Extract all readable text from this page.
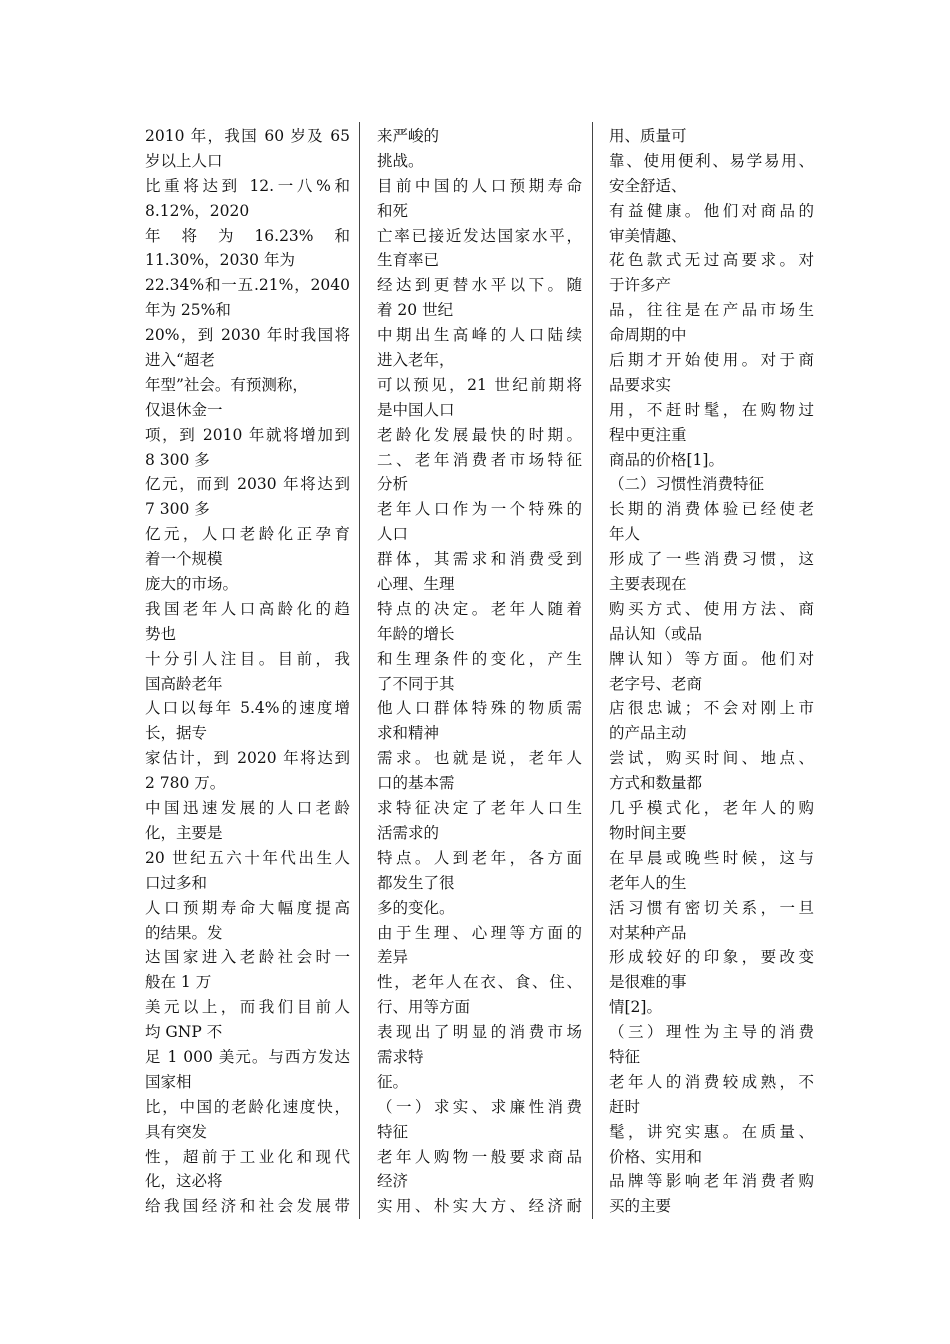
2010 年，我国 60 岁及 65

岁以上人口

比重将达到 12.一八%和

8.12%，2020

年　将　为　16.23%　和

11.30%，2030 年为

22.34%和一五.21%，2040

年为 25%和

20%，到 2030 年时我国将

进入“超老

年型”社会。有预测称，

仅退休金一

项，到 2010 年就将增加到

8 300 多

亿元，而到 2030 年将达到

7 300 多

亿元，人口老龄化正孕育

着一个规模

庞大的市场。

我国老年人口高龄化的趋

势也

十分引人注目。目前，我

国高龄老年

人口以每年 5.4%的速度增

长，据专

家估计，到 2020 年将达到

2 780 万。

中国迅速发展的人口老龄

化，主要是

20 世纪五六十年代出生人

口过多和

人口预期寿命大幅度提高

的结果。发

达国家进入老龄社会时一

般在 1 万

美元以上，而我们目前人

均 GNP 不

足 1 000 美元。与西方发达

国家相

比，中国的老龄化速度快，

具有突发

性，超前于工业化和现代

化，这必将

给我国经济和社会发展带

来严峻的

挑战。

目前中国的人口预期寿命

和死

亡率已接近发达国家水平，

生育率已

经达到更替水平以下。随

着 20 世纪

中期出生高峰的人口陆续

进入老年，

可以预见，21 世纪前期将

是中国人口

老龄化发展最快的时期。

二、老年消费者市场特征

分析

老年人口作为一个特殊的

人口

群体，其需求和消费受到

心理、生理

特点的决定。老年人随着

年龄的增长

和生理条件的变化，产生

了不同于其

他人口群体特殊的物质需

求和精神

需求。也就是说，老年人

口的基本需

求特征决定了老年人口生

活需求的

特点。人到老年，各方面

都发生了很

多的变化。

由于生理、心理等方面的

差异

性，老年人在衣、食、住、

行、用等方面

表现出了明显的消费市场

需求特

征。

（一）求实、求廉性消费

特征

老年人购物一般要求商品

经济

实用、朴实大方、经济耐

用、质量可

靠、使用便利、易学易用、

安全舒适、

有益健康。他们对商品的

审美情趣、

花色款式无过高要求。对

于许多产

品，往往是在产品市场生

命周期的中

后期才开始使用。对于商

品要求实

用，不赶时髦，在购物过

程中更注重

商品的价格[1]。

（二）习惯性消费特征

长期的消费体验已经使老

年人

形成了一些消费习惯，这

主要表现在

购买方式、使用方法、商

品认知（或品

牌认知）等方面。他们对

老字号、老商

店很忠诚；不会对刚上市

的产品主动

尝试，购买时间、地点、

方式和数量都

几乎模式化，老年人的购

物时间主要

在早晨或晚些时候，这与

老年人的生

活习惯有密切关系，一旦

对某种产品

形成较好的印象，要改变

是很难的事

情[2]。

（三）理性为主导的消费

特征

老年人的消费较成熟，不

赶时

髦，讲究实惠。在质量、

价格、实用和

品牌等影响老年消费者购

买的主要
